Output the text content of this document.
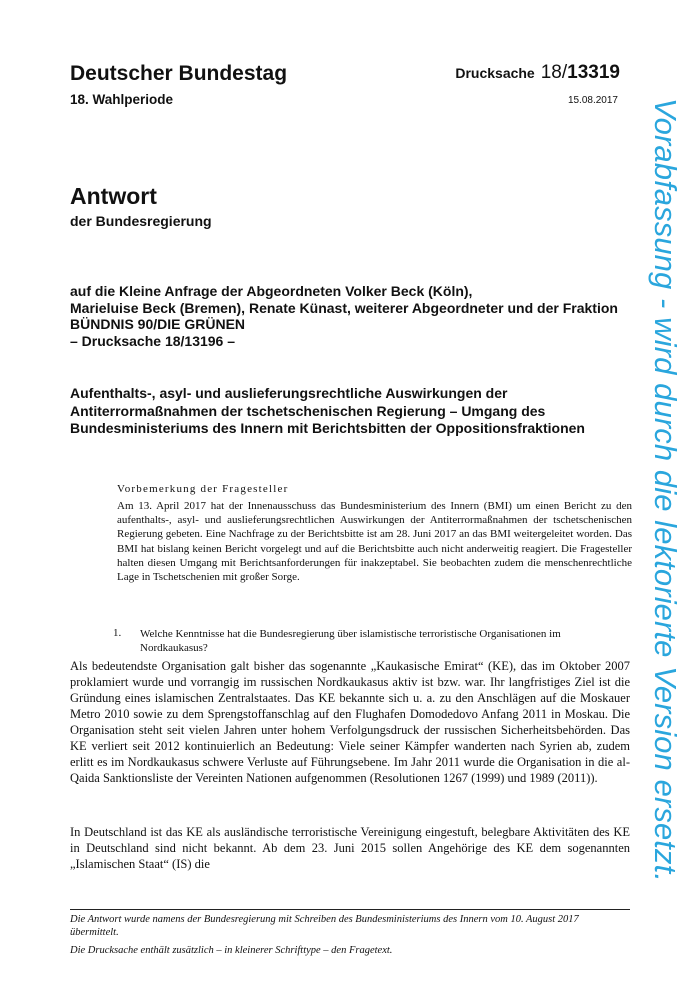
Deutscher Bundestag
18. Wahlperiode
Drucksache 18/13319
15.08.2017
Antwort
der Bundesregierung
auf die Kleine Anfrage der Abgeordneten Volker Beck (Köln),
Marieluise Beck (Bremen), Renate Künast, weiterer Abgeordneter und der Fraktion
BÜNDNIS 90/DIE GRÜNEN
– Drucksache 18/13196 –
Aufenthalts-, asyl- und auslieferungsrechtliche Auswirkungen der
Antiterrormaßnahmen der tschetschenischen Regierung – Umgang des
Bundesministeriums des Innern mit Berichtsbitten der Oppositionsfraktionen
Vorbemerkung der Fragesteller
Am 13. April 2017 hat der Innenausschuss das Bundesministerium des Innern (BMI) um einen Bericht zu den aufenthalts-, asyl- und auslieferungsrechtlichen Auswirkungen der Antiterrormaßnahmen der tschetschenischen Regierung gebeten. Eine Nachfrage zu der Berichtsbitte ist am 28. Juni 2017 an das BMI weitergeleitet worden. Das BMI hat bislang keinen Bericht vorgelegt und auf die Berichtsbitte auch nicht anderweitig reagiert. Die Fragesteller halten diesen Umgang mit Berichtsanforderungen für inakzeptabel. Sie beobachten zudem die menschenrechtliche Lage in Tschetschenien mit großer Sorge.
1. Welche Kenntnisse hat die Bundesregierung über islamistische terroristische Organisationen im Nordkaukasus?

Als bedeutendste Organisation galt bisher das sogenannte „Kaukasische Emirat“ (KE), das im Oktober 2007 proklamiert wurde und vorrangig im russischen Nordkaukasus aktiv ist bzw. war. Ihr langfristiges Ziel ist die Gründung eines islamischen Zentralstaates. Das KE bekannte sich u. a. zu den Anschlägen auf die Moskauer Metro 2010 sowie zu dem Sprengstoffanschlag auf den Flughafen Domodedovo Anfang 2011 in Moskau. Die Organisation steht seit vielen Jahren unter hohem Verfolgungsdruck der russischen Sicherheitsbehörden. Das KE verliert seit 2012 kontinuierlich an Bedeutung: Viele seiner Kämpfer wanderten nach Syrien ab, zudem erlitt es im Nordkaukasus schwere Verluste auf Führungsebene. Im Jahr 2011 wurde die Organisation in die al-Qaida Sanktionsliste der Vereinten Nationen aufgenommen (Resolutionen 1267 (1999) und 1989 (2011)).

In Deutschland ist das KE als ausländische terroristische Vereinigung eingestuft, belegbare Aktivitäten des KE in Deutschland sind nicht bekannt. Ab dem 23. Juni 2015 sollen Angehörige des KE dem sogenannten „Islamischen Staat“ (IS) die

Die Antwort wurde namens der Bundesregierung mit Schreiben des Bundesministeriums des Innern vom 10. August 2017 übermittelt.
Die Drucksache enthält zusätzlich – in kleinerer Schrifttype – den Fragetext.
Vorabfassung - wird durch die lektorierte Version ersetzt.
